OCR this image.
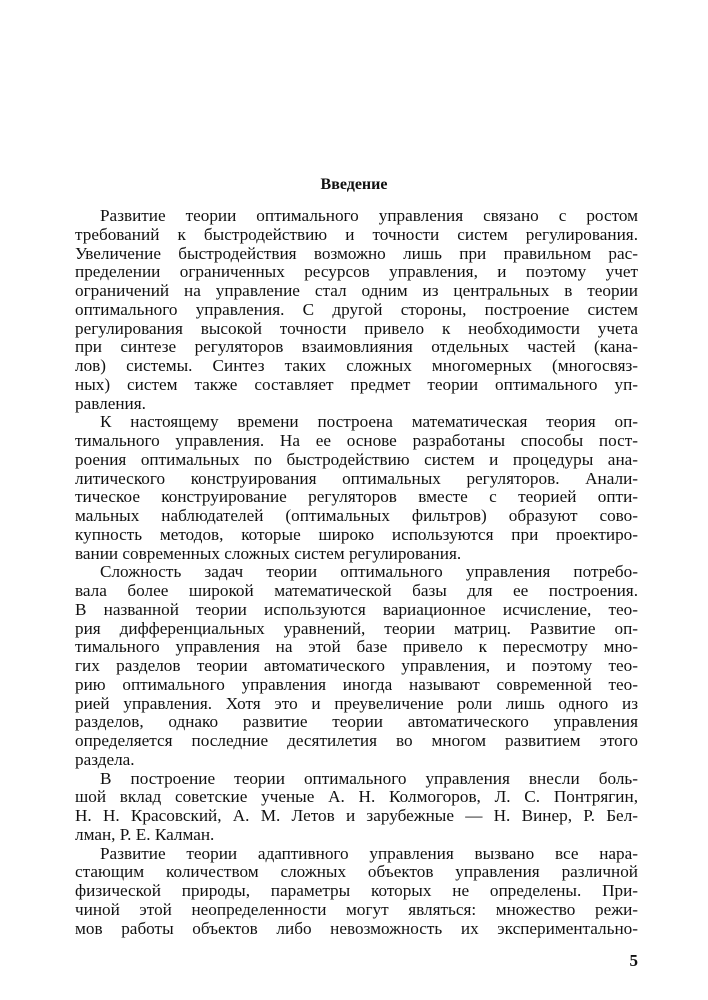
Введение
Развитие теории оптимального управления связано с ростом
требований к быстродействию и точности систем регулирования.
Увеличение быстродействия возможно лишь при правильном рас-
пределении ограниченных ресурсов управления, и поэтому учет
ограничений на управление стал одним из центральных в теории
оптимального управления. С другой стороны, построение систем
регулирования высокой точности привело к необходимости учета
при синтезе регуляторов взаимовлияния отдельных частей (кана-
лов) системы. Синтез таких сложных многомерных (многосвяз-
ных) систем также составляет предмет теории оптимального уп-
равления.
К настоящему времени построена математическая теория оп-
тимального управления. На ее основе разработаны способы пост-
роения оптимальных по быстродействию систем и процедуры ана-
литического конструирования оптимальных регуляторов. Анали-
тическое конструирование регуляторов вместе с теорией опти-
мальных наблюдателей (оптимальных фильтров) образуют сово-
купность методов, которые широко используются при проектиро-
вании современных сложных систем регулирования.
Сложность задач теории оптимального управления потребо-
вала более широкой математической базы для ее построения.
В названной теории используются вариационное исчисление, тео-
рия дифференциальных уравнений, теории матриц. Развитие оп-
тимального управления на этой базе привело к пересмотру мно-
гих разделов теории автоматического управления, и поэтому тео-
рию оптимального управления иногда называют современной тео-
рией управления. Хотя это и преувеличение роли лишь одного из
разделов, однако развитие теории автоматического управления
определяется последние десятилетия во многом развитием этого
раздела.
В построение теории оптимального управления внесли боль-
шой вклад советские ученые А. Н. Колмогоров, Л. С. Понтрягин,
Н. Н. Красовский, А. М. Летов и зарубежные — Н. Винер, Р. Бел-
лман, Р. Е. Калман.
Развитие теории адаптивного управления вызвано все нара-
стающим количеством сложных объектов управления различной
физической природы, параметры которых не определены. При-
чиной этой неопределенности могут являться: множество режи-
мов работы объектов либо невозможность их экспериментально-
5
